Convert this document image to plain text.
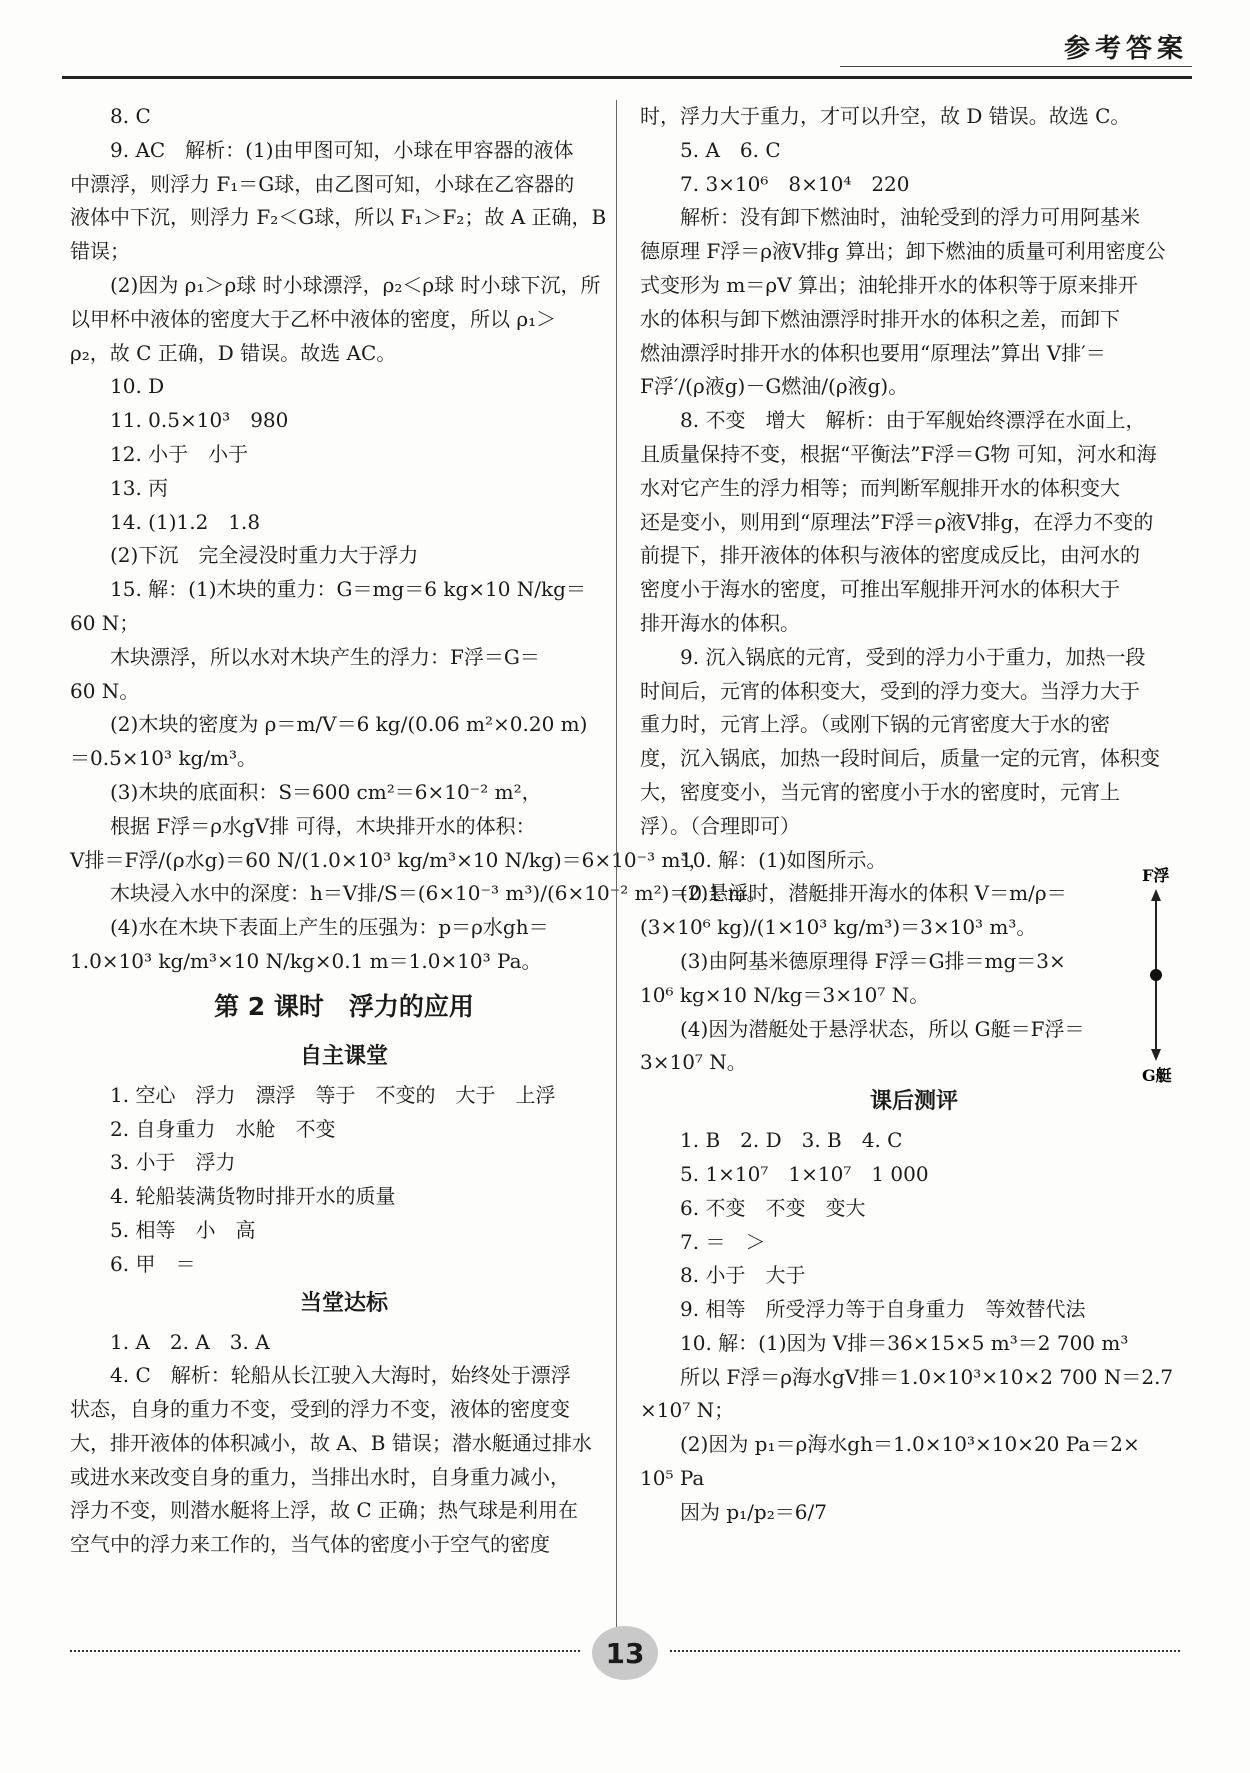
参考答案
8. C
9. AC　解析：(1)由甲图可知，小球在甲容器的液体
中漂浮，则浮力 F₁＝G球，由乙图可知，小球在乙容器的
液体中下沉，则浮力 F₂＜G球，所以 F₁＞F₂；故 A 正确，B
错误；
(2)因为 ρ₁＞ρ球 时小球漂浮，ρ₂＜ρ球 时小球下沉，所
以甲杯中液体的密度大于乙杯中液体的密度，所以 ρ₁＞
ρ₂，故 C 正确，D 错误。故选 AC。
10. D
11. 0.5×10³　980
12. 小于　小于
13. 丙
14. (1)1.2　1.8
(2)下沉　完全浸没时重力大于浮力
15. 解：(1)木块的重力：G＝mg＝6 kg×10 N/kg＝
60 N；
木块漂浮，所以水对木块产生的浮力：F浮＝G＝
60 N。
(2)木块的密度为 ρ＝m/V＝6 kg/(0.06 m²×0.20 m)
＝0.5×10³ kg/m³。
(3)木块的底面积：S＝600 cm²＝6×10⁻² m²，
根据 F浮＝ρ水gV排 可得，木块排开水的体积：
V排＝F浮/(ρ水g)＝60 N/(1.0×10³ kg/m³×10 N/kg)＝6×10⁻³ m³，
木块浸入水中的深度：h＝V排/S＝(6×10⁻³ m³)/(6×10⁻² m²)＝0.1 m。
(4)水在木块下表面上产生的压强为：p＝ρ水gh＝
1.0×10³ kg/m³×10 N/kg×0.1 m＝1.0×10³ Pa。
第 2 课时　浮力的应用
自主课堂
1. 空心　浮力　漂浮　等于　不变的　大于　上浮
2. 自身重力　水舱　不变
3. 小于　浮力
4. 轮船装满货物时排开水的质量
5. 相等　小　高
6. 甲　＝
当堂达标
1. A　2. A　3. A
4. C　解析：轮船从长江驶入大海时，始终处于漂浮
状态，自身的重力不变，受到的浮力不变，液体的密度变
大，排开液体的体积减小，故 A、B 错误；潜水艇通过排水
或进水来改变自身的重力，当排出水时，自身重力减小，
浮力不变，则潜水艇将上浮，故 C 正确；热气球是利用在
空气中的浮力来工作的，当气体的密度小于空气的密度
时，浮力大于重力，才可以升空，故 D 错误。故选 C。
5. A　6. C
7. 3×10⁶　8×10⁴　220
解析：没有卸下燃油时，油轮受到的浮力可用阿基米
德原理 F浮＝ρ液V排g 算出；卸下燃油的质量可利用密度公
式变形为 m＝ρV 算出；油轮排开水的体积等于原来排开
水的体积与卸下燃油漂浮时排开水的体积之差，而卸下
燃油漂浮时排开水的体积也要用“原理法”算出 V排′＝
F浮′/(ρ液g)－G燃油/(ρ液g)。
8. 不变　增大　解析：由于军舰始终漂浮在水面上，
且质量保持不变，根据“平衡法”F浮＝G物 可知，河水和海
水对它产生的浮力相等；而判断军舰排开水的体积变大
还是变小，则用到“原理法”F浮＝ρ液V排g，在浮力不变的
前提下，排开液体的体积与液体的密度成反比，由河水的
密度小于海水的密度，可推出军舰排开河水的体积大于
排开海水的体积。
9. 沉入锅底的元宵，受到的浮力小于重力，加热一段
时间后，元宵的体积变大，受到的浮力变大。当浮力大于
重力时，元宵上浮。（或刚下锅的元宵密度大于水的密
度，沉入锅底，加热一段时间后，质量一定的元宵，体积变
大，密度变小，当元宵的密度小于水的密度时，元宵上
浮）。（合理即可）
10. 解：(1)如图所示。
(2)悬浮时，潜艇排开海水的体积 V＝m/ρ＝
(3×10⁶ kg)/(1×10³ kg/m³)＝3×10³ m³。
(3)由阿基米德原理得 F浮＝G排＝mg＝3×
10⁶ kg×10 N/kg＝3×10⁷ N。
(4)因为潜艇处于悬浮状态，所以 G艇＝F浮＝
3×10⁷ N。
课后测评
1. B　2. D　3. B　4. C
5. 1×10⁷　1×10⁷　1 000
6. 不变　不变　变大
7. ＝　＞
8. 小于　大于
9. 相等　所受浮力等于自身重力　等效替代法
10. 解：(1)因为 V排＝36×15×5 m³＝2 700 m³
所以 F浮＝ρ海水gV排＝1.0×10³×10×2 700 N＝2.7
×10⁷ N；
(2)因为 p₁＝ρ海水gh＝1.0×10³×10×20 Pa＝2×
10⁵ Pa
因为 p₁/p₂＝6/7
F浮
G艇
13
